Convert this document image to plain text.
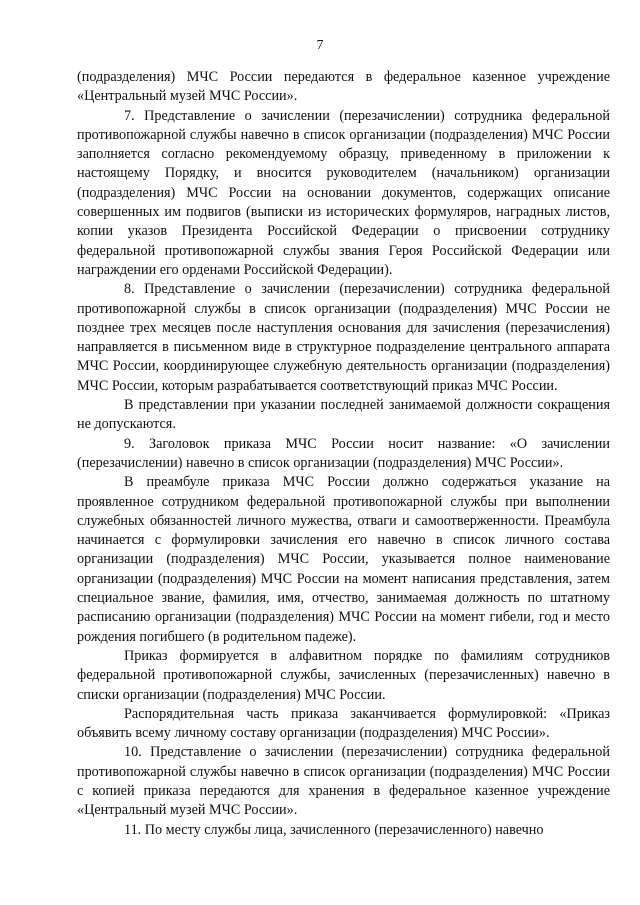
7

(подразделения) МЧС России передаются в федеральное казенное учреждение «Центральный музей МЧС России».

7. Представление о зачислении (перезачислении) сотрудника федеральной противопожарной службы навечно в список организации (подразделения) МЧС России заполняется согласно рекомендуемому образцу, приведенному в приложении к настоящему Порядку, и вносится руководителем (начальником) организации (подразделения) МЧС России на основании документов, содержащих описание совершенных им подвигов (выписки из исторических формуляров, наградных листов, копии указов Президента Российской Федерации о присвоении сотруднику федеральной противопожарной службы звания Героя Российской Федерации или награждении его орденами Российской Федерации).

8. Представление о зачислении (перезачислении) сотрудника федеральной противопожарной службы в список организации (подразделения) МЧС России не позднее трех месяцев после наступления основания для зачисления (перезачисления) направляется в письменном виде в структурное подразделение центрального аппарата МЧС России, координирующее служебную деятельность организации (подразделения) МЧС России, которым разрабатывается соответствующий приказ МЧС России.

В представлении при указании последней занимаемой должности сокращения не допускаются.

9. Заголовок приказа МЧС России носит название: «О зачислении (перезачислении) навечно в список организации (подразделения) МЧС России».

В преамбуле приказа МЧС России должно содержаться указание на проявленное сотрудником федеральной противопожарной службы при выполнении служебных обязанностей личного мужества, отваги и самоотверженности. Преамбула начинается с формулировки зачисления его навечно в список личного состава организации (подразделения) МЧС России, указывается полное наименование организации (подразделения) МЧС России на момент написания представления, затем специальное звание, фамилия, имя, отчество, занимаемая должность по штатному расписанию организации (подразделения) МЧС России на момент гибели, год и место рождения погибшего (в родительном падеже).

Приказ формируется в алфавитном порядке по фамилиям сотрудников федеральной противопожарной службы, зачисленных (перезачисленных) навечно в списки организации (подразделения) МЧС России.

Распорядительная часть приказа заканчивается формулировкой: «Приказ объявить всему личному составу организации (подразделения) МЧС России».

10. Представление о зачислении (перезачислении) сотрудника федеральной противопожарной службы навечно в список организации (подразделения) МЧС России с копией приказа передаются для хранения в федеральное казенное учреждение «Центральный музей МЧС России».

11. По месту службы лица, зачисленного (перезачисленного) навечно
